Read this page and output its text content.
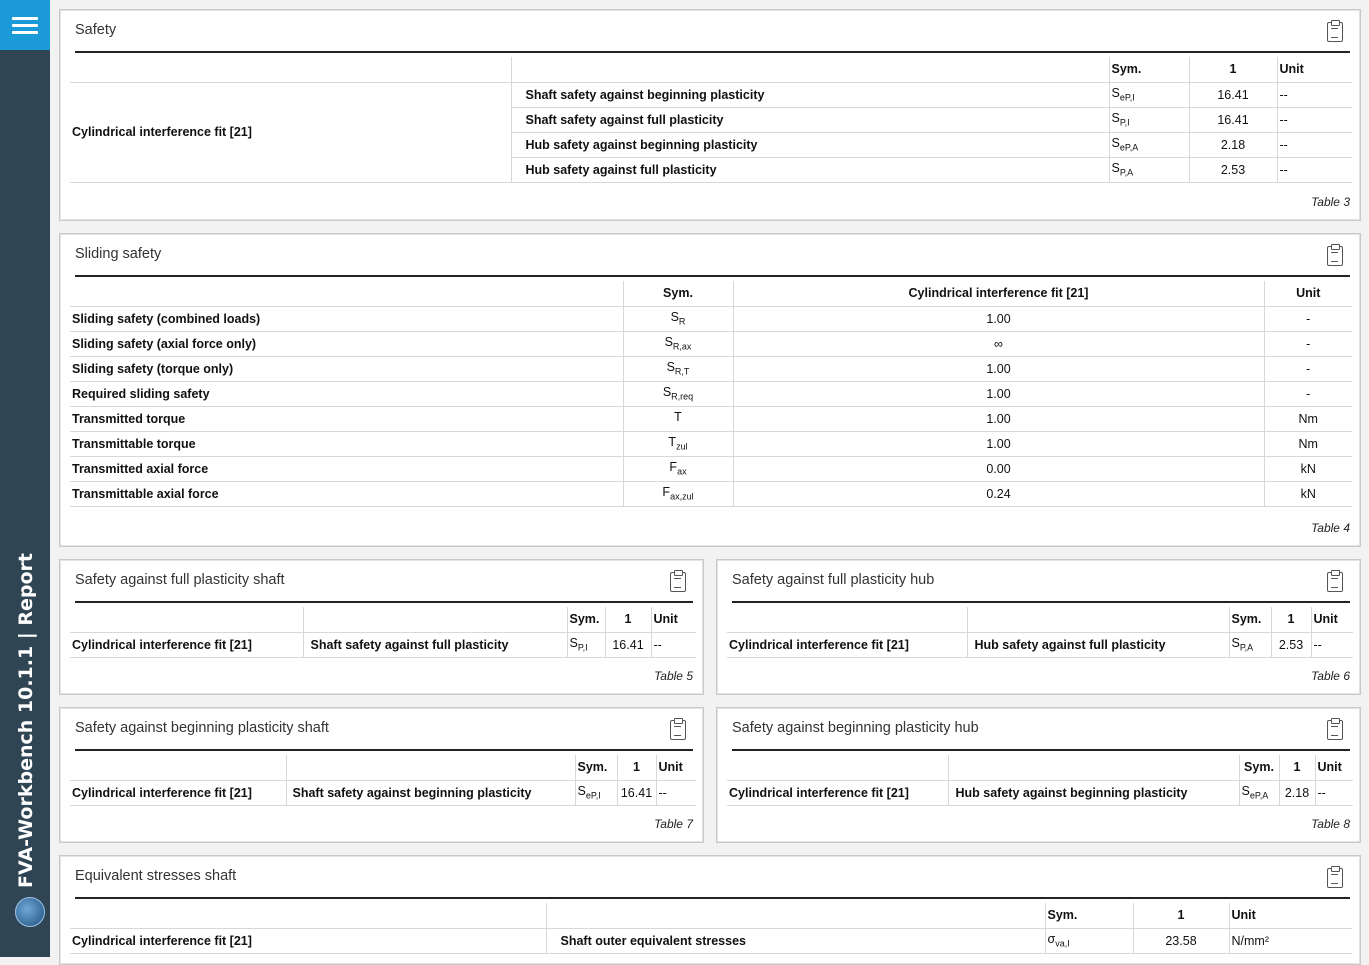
FVA-Workbench 10.1.1 | Report
Safety
		Sym.	1	Unit
Cylindrical interference fit [21]	Shaft safety against beginning plasticity	$S_{eP,I}$	16.41	--
	Shaft safety against full plasticity	$S_{P,I}$	16.41	--
	Hub safety against beginning plasticity	$S_{eP,A}$	2.18	--
	Hub safety against full plasticity	$S_{P,A}$	2.53	--
Table 3
Sliding safety
	Sym.	Cylindrical interference fit [21]	Unit
Sliding safety (combined loads)	$S_R$	1.00	-
Sliding safety (axial force only)	$S_{R,ax}$	∞	-
Sliding safety (torque only)	$S_{R,T}$	1.00	-
Required sliding safety	$S_{R,req}$	1.00	-
Transmitted torque	T	1.00	Nm
Transmittable torque	$T_{zul}$	1.00	Nm
Transmitted axial force	$F_{ax}$	0.00	kN
Transmittable axial force	$F_{ax,zul}$	0.24	kN
Table 4
Safety against full plasticity shaft
		Sym.	1	Unit
Cylindrical interference fit [21]	Shaft safety against full plasticity	$S_{P,I}$	16.41	--
Table 5
Safety against full plasticity hub
		Sym.	1	Unit
Cylindrical interference fit [21]	Hub safety against full plasticity	$S_{P,A}$	2.53	--
Table 6
Safety against beginning plasticity shaft
		Sym.	1	Unit
Cylindrical interference fit [21]	Shaft safety against beginning plasticity	$S_{eP,I}$	16.41	--
Table 7
Safety against beginning plasticity hub
		Sym.	1	Unit
Cylindrical interference fit [21]	Hub safety against beginning plasticity	$S_{eP,A}$	2.18	--
Table 8
Equivalent stresses shaft
		Sym.	1	Unit
Cylindrical interference fit [21]	Shaft outer equivalent stresses	$\sigma_{va,I}$	23.58	N/mm²
